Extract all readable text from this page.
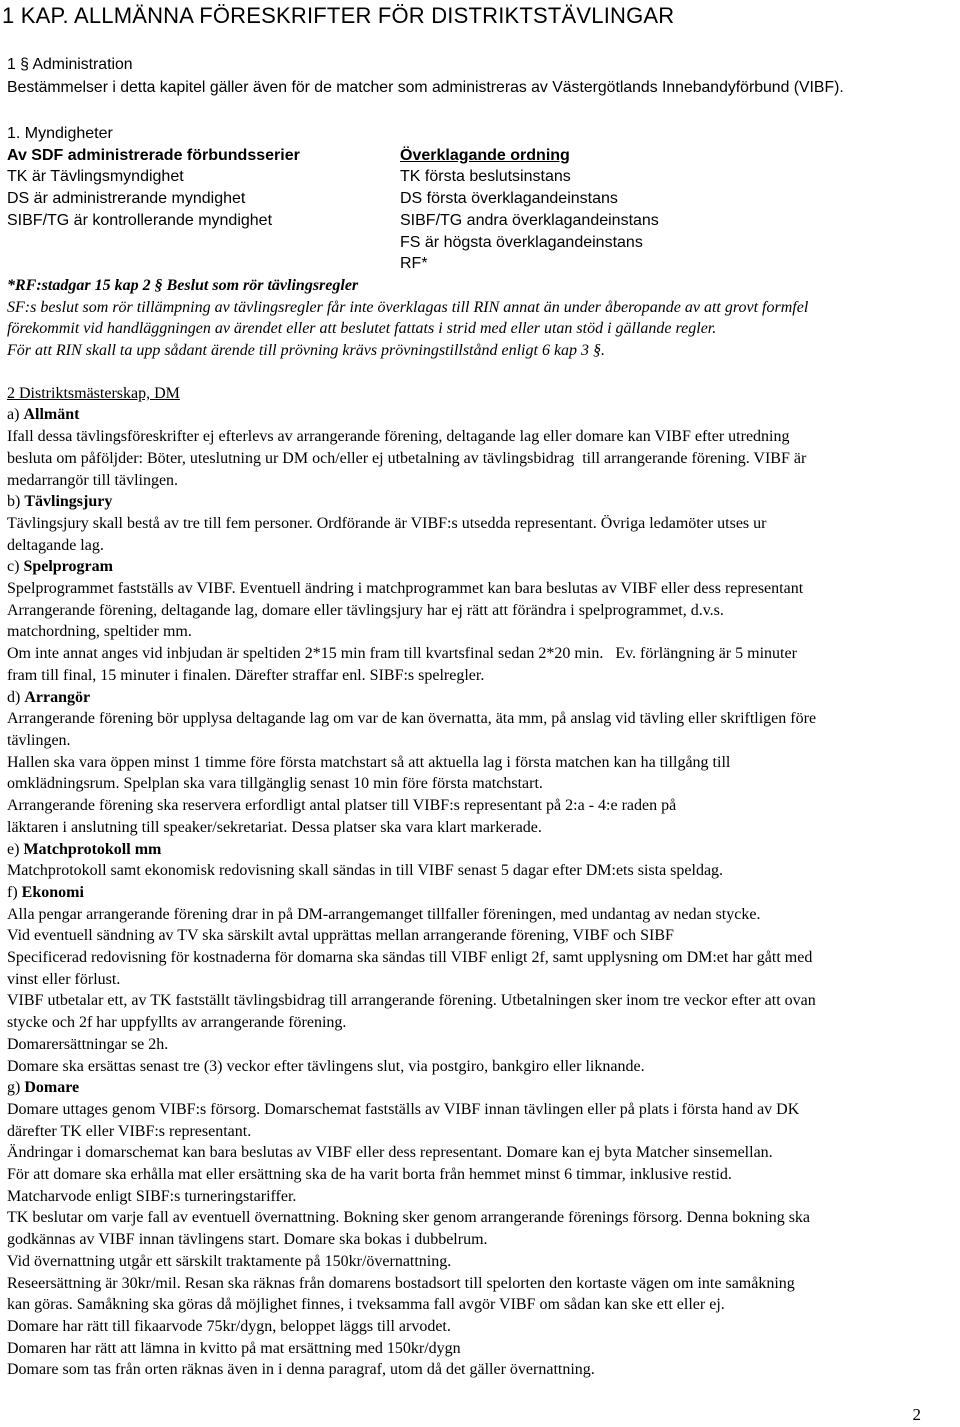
1 KAP. ALLMÄNNA FÖRESKRIFTER FÖR DISTRIKTSTÄVLINGAR
1 § Administration
Bestämmelser i detta kapitel gäller även för de matcher som administreras av Västergötlands Innebandyförbund (VIBF).
1. Myndigheter
Av SDF administrerade förbundsserier
TK är Tävlingsmyndighet
DS är administrerande myndighet
SIBF/TG är kontrollerande myndighet
Överklagande ordning
TK första beslutsinstans
DS första överklagandeinstans
SIBF/TG andra överklagandeinstans
FS är högsta överklagandeinstans
RF*
*RF:stadgar 15 kap 2 § Beslut som rör tävlingsregler
SF:s beslut som rör tillämpning av tävlingsregler får inte överklagas till RIN annat än under åberopande av att grovt formfel
förekommit vid handläggningen av ärendet eller att beslutet fattats i strid med eller utan stöd i gällande regler.
För att RIN skall ta upp sådant ärende till prövning krävs prövningstillstånd enligt 6 kap 3 §.
2 Distriktsmästerskap, DM
a) Allmänt
Ifall dessa tävlingsföreskrifter ej efterlevs av arrangerande förening, deltagande lag eller domare kan VIBF efter utredning
besluta om påföljder: Böter, uteslutning ur DM och/eller ej utbetalning av tävlingsbidrag  till arrangerande förening. VIBF är
medarrangör till tävlingen.
b) Tävlingsjury
Tävlingsjury skall bestå av tre till fem personer. Ordförande är VIBF:s utsedda representant. Övriga ledamöter utses ur
deltagande lag.
c) Spelprogram
Spelprogrammet fastställs av VIBF. Eventuell ändring i matchprogrammet kan bara beslutas av VIBF eller dess representant
Arrangerande förening, deltagande lag, domare eller tävlingsjury har ej rätt att förändra i spelprogrammet, d.v.s.
matchordning, speltider mm.
Om inte annat anges vid inbjudan är speltiden 2*15 min fram till kvartsfinal sedan 2*20 min.   Ev. förlängning är 5 minuter
fram till final, 15 minuter i finalen. Därefter straffar enl. SIBF:s spelregler.
d) Arrangör
Arrangerande förening bör upplysa deltagande lag om var de kan övernatta, äta mm, på anslag vid tävling eller skriftligen före
tävlingen.
Hallen ska vara öppen minst 1 timme före första matchstart så att aktuella lag i första matchen kan ha tillgång till
omklädningsrum. Spelplan ska vara tillgänglig senast 10 min före första matchstart.
Arrangerande förening ska reservera erfordligt antal platser till VIBF:s representant på 2:a - 4:e raden på
läktaren i anslutning till speaker/sekretariat. Dessa platser ska vara klart markerade.
e) Matchprotokoll mm
Matchprotokoll samt ekonomisk redovisning skall sändas in till VIBF senast 5 dagar efter DM:ets sista speldag.
f) Ekonomi
Alla pengar arrangerande förening drar in på DM-arrangemanget tillfaller föreningen, med undantag av nedan stycke.
Vid eventuell sändning av TV ska särskilt avtal upprättas mellan arrangerande förening, VIBF och SIBF
Specificerad redovisning för kostnaderna för domarna ska sändas till VIBF enligt 2f, samt upplysning om DM:et har gått med
vinst eller förlust.
VIBF utbetalar ett, av TK fastställt tävlingsbidrag till arrangerande förening. Utbetalningen sker inom tre veckor efter att ovan
stycke och 2f har uppfyllts av arrangerande förening.
Domarersättningar se 2h.
Domare ska ersättas senast tre (3) veckor efter tävlingens slut, via postgiro, bankgiro eller liknande.
g) Domare
Domare uttages genom VIBF:s försorg. Domarschemat fastställs av VIBF innan tävlingen eller på plats i första hand av DK
därefter TK eller VIBF:s representant.
Ändringar i domarschemat kan bara beslutas av VIBF eller dess representant. Domare kan ej byta Matcher sinsemellan.
För att domare ska erhålla mat eller ersättning ska de ha varit borta från hemmet minst 6 timmar, inklusive restid.
Matcharvode enligt SIBF:s turneringstariffer.
TK beslutar om varje fall av eventuell övernattning. Bokning sker genom arrangerande förenings försorg. Denna bokning ska
godkännas av VIBF innan tävlingens start. Domare ska bokas i dubbelrum.
Vid övernattning utgår ett särskilt traktamente på 150kr/övernattning.
Reseersättning är 30kr/mil. Resan ska räknas från domarens bostadsort till spelorten den kortaste vägen om inte samåkning
kan göras. Samåkning ska göras då möjlighet finnes, i tveksamma fall avgör VIBF om sådan kan ske ett eller ej.
Domare har rätt till fikaarvode 75kr/dygn, beloppet läggs till arvodet.
Domaren har rätt att lämna in kvitto på mat ersättning med 150kr/dygn
Domare som tas från orten räknas även in i denna paragraf, utom då det gäller övernattning.
2
